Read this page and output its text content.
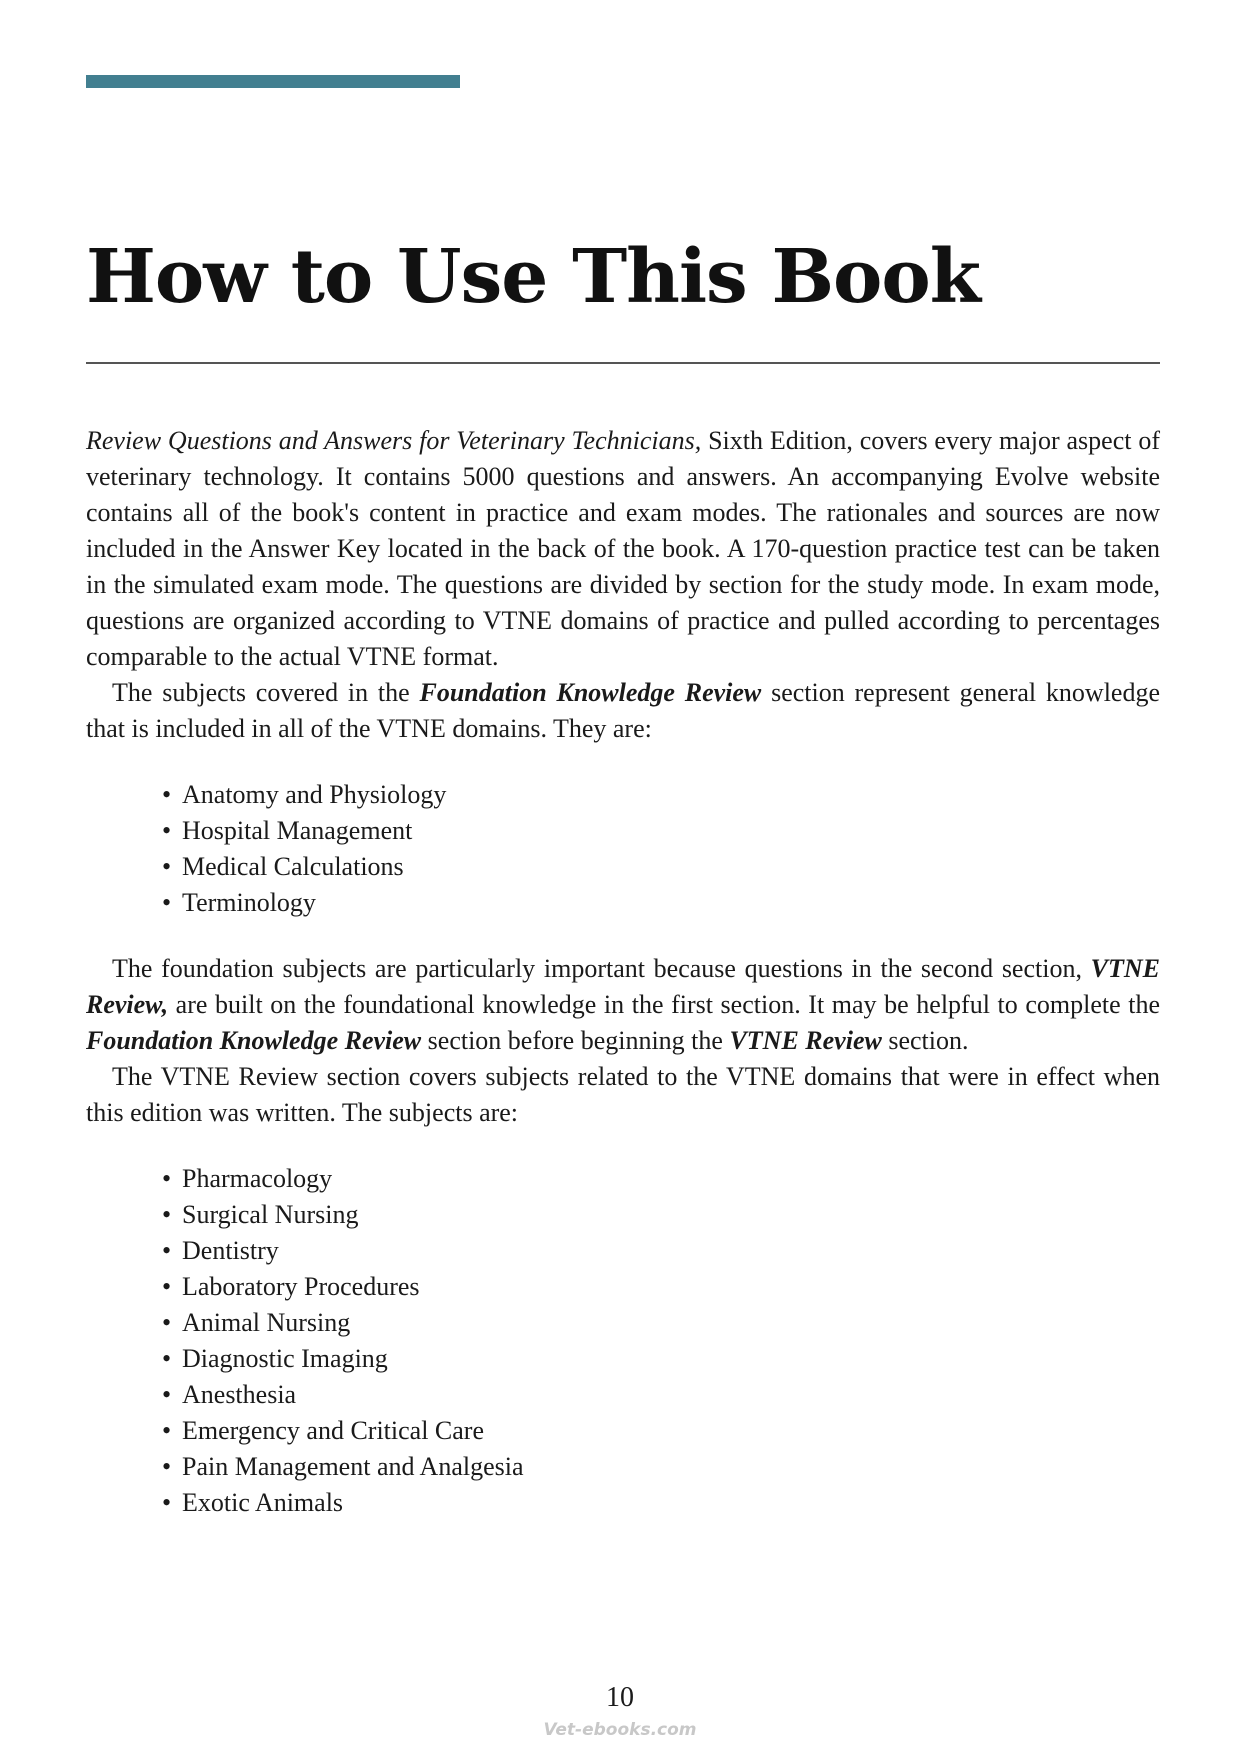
How to Use This Book

Review Questions and Answers for Veterinary Technicians, Sixth Edition, covers every major aspect of veterinary technology. It contains 5000 questions and answers. An accompanying Evolve website contains all of the book's content in practice and exam modes. The rationales and sources are now included in the Answer Key located in the back of the book. A 170-question practice test can be taken in the simulated exam mode. The questions are divided by section for the study mode. In exam mode, questions are organized according to VTNE domains of practice and pulled according to percentages comparable to the actual VTNE format.

The subjects covered in the Foundation Knowledge Review section represent general knowledge that is included in all of the VTNE domains. They are:

• Anatomy and Physiology
• Hospital Management
• Medical Calculations
• Terminology

The foundation subjects are particularly important because questions in the second section, VTNE Review, are built on the foundational knowledge in the first section. It may be helpful to complete the Foundation Knowledge Review section before beginning the VTNE Review section.

The VTNE Review section covers subjects related to the VTNE domains that were in effect when this edition was written. The subjects are:

• Pharmacology
• Surgical Nursing
• Dentistry
• Laboratory Procedures
• Animal Nursing
• Diagnostic Imaging
• Anesthesia
• Emergency and Critical Care
• Pain Management and Analgesia
• Exotic Animals
10
Vet-ebooks.com
